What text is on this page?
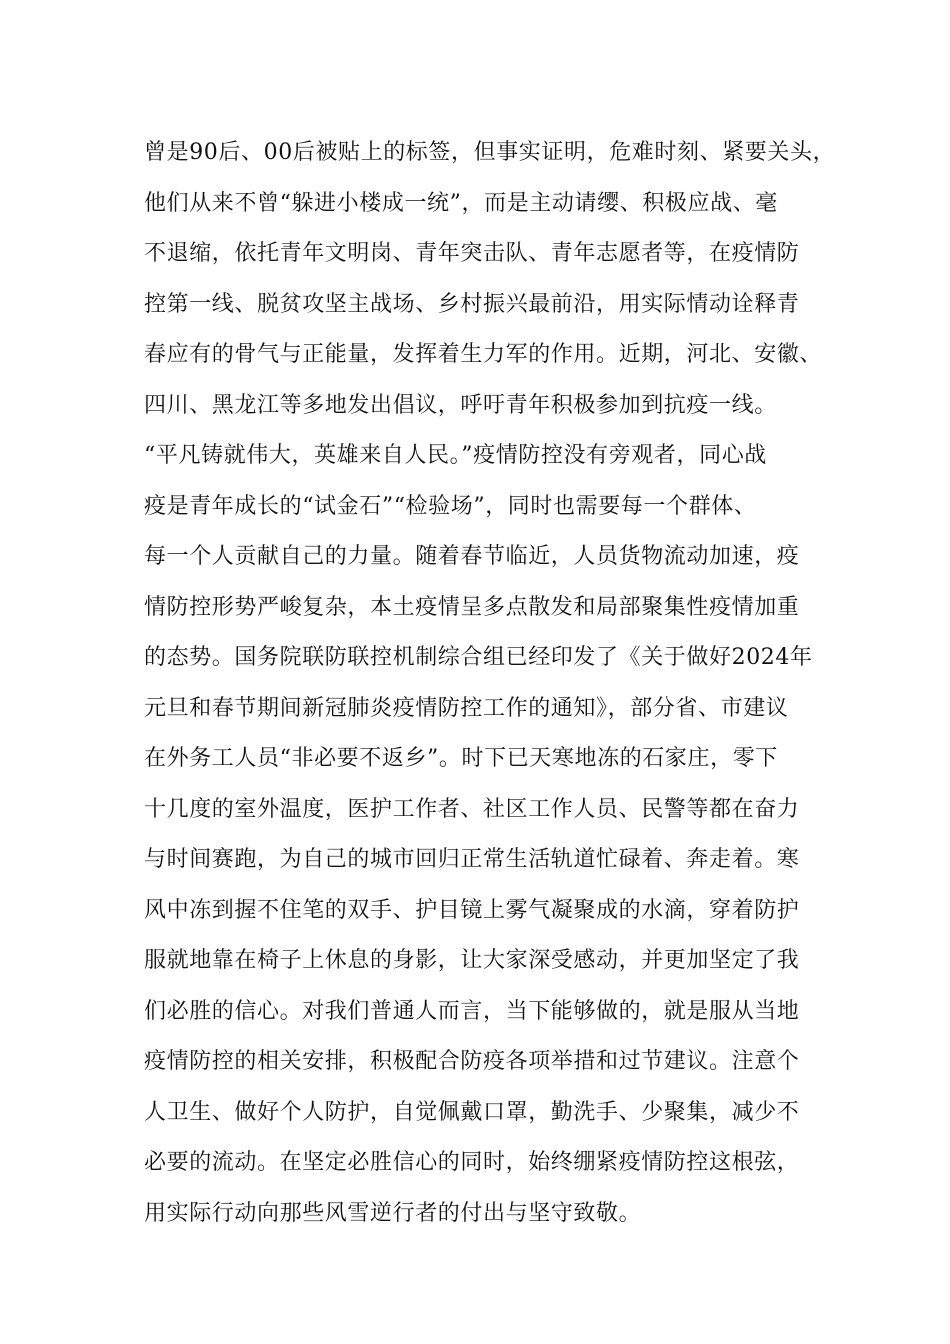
曾是90后、00后被贴上的标签，但事实证明，危难时刻、紧要关头，
他们从来不曾“躲进小楼成一统”，而是主动请缨、积极应战、毫
不退缩，依托青年文明岗、青年突击队、青年志愿者等，在疫情防
控第一线、脱贫攻坚主战场、乡村振兴最前沿，用实际情动诠释青
春应有的骨气与正能量，发挥着生力军的作用。近期，河北、安徽、
四川、黑龙江等多地发出倡议，呼吁青年积极参加到抗疫一线。
“平凡铸就伟大，英雄来自人民。”疫情防控没有旁观者，同心战
疫是青年成长的“试金石”“检验场”，同时也需要每一个群体、
每一个人贡献自己的力量。随着春节临近，人员货物流动加速，疫
情防控形势严峻复杂，本土疫情呈多点散发和局部聚集性疫情加重
的态势。国务院联防联控机制综合组已经印发了《关于做好2024年
元旦和春节期间新冠肺炎疫情防控工作的通知》，部分省、市建议
在外务工人员“非必要不返乡”。时下已天寒地冻的石家庄，零下
十几度的室外温度，医护工作者、社区工作人员、民警等都在奋力
与时间赛跑，为自己的城市回归正常生活轨道忙碌着、奔走着。寒
风中冻到握不住笔的双手、护目镜上雾气凝聚成的水滴，穿着防护
服就地靠在椅子上休息的身影，让大家深受感动，并更加坚定了我
们必胜的信心。对我们普通人而言，当下能够做的，就是服从当地
疫情防控的相关安排，积极配合防疫各项举措和过节建议。注意个
人卫生、做好个人防护，自觉佩戴口罩，勤洗手、少聚集，减少不
必要的流动。在坚定必胜信心的同时，始终绷紧疫情防控这根弦，
用实际行动向那些风雪逆行者的付出与坚守致敬。
